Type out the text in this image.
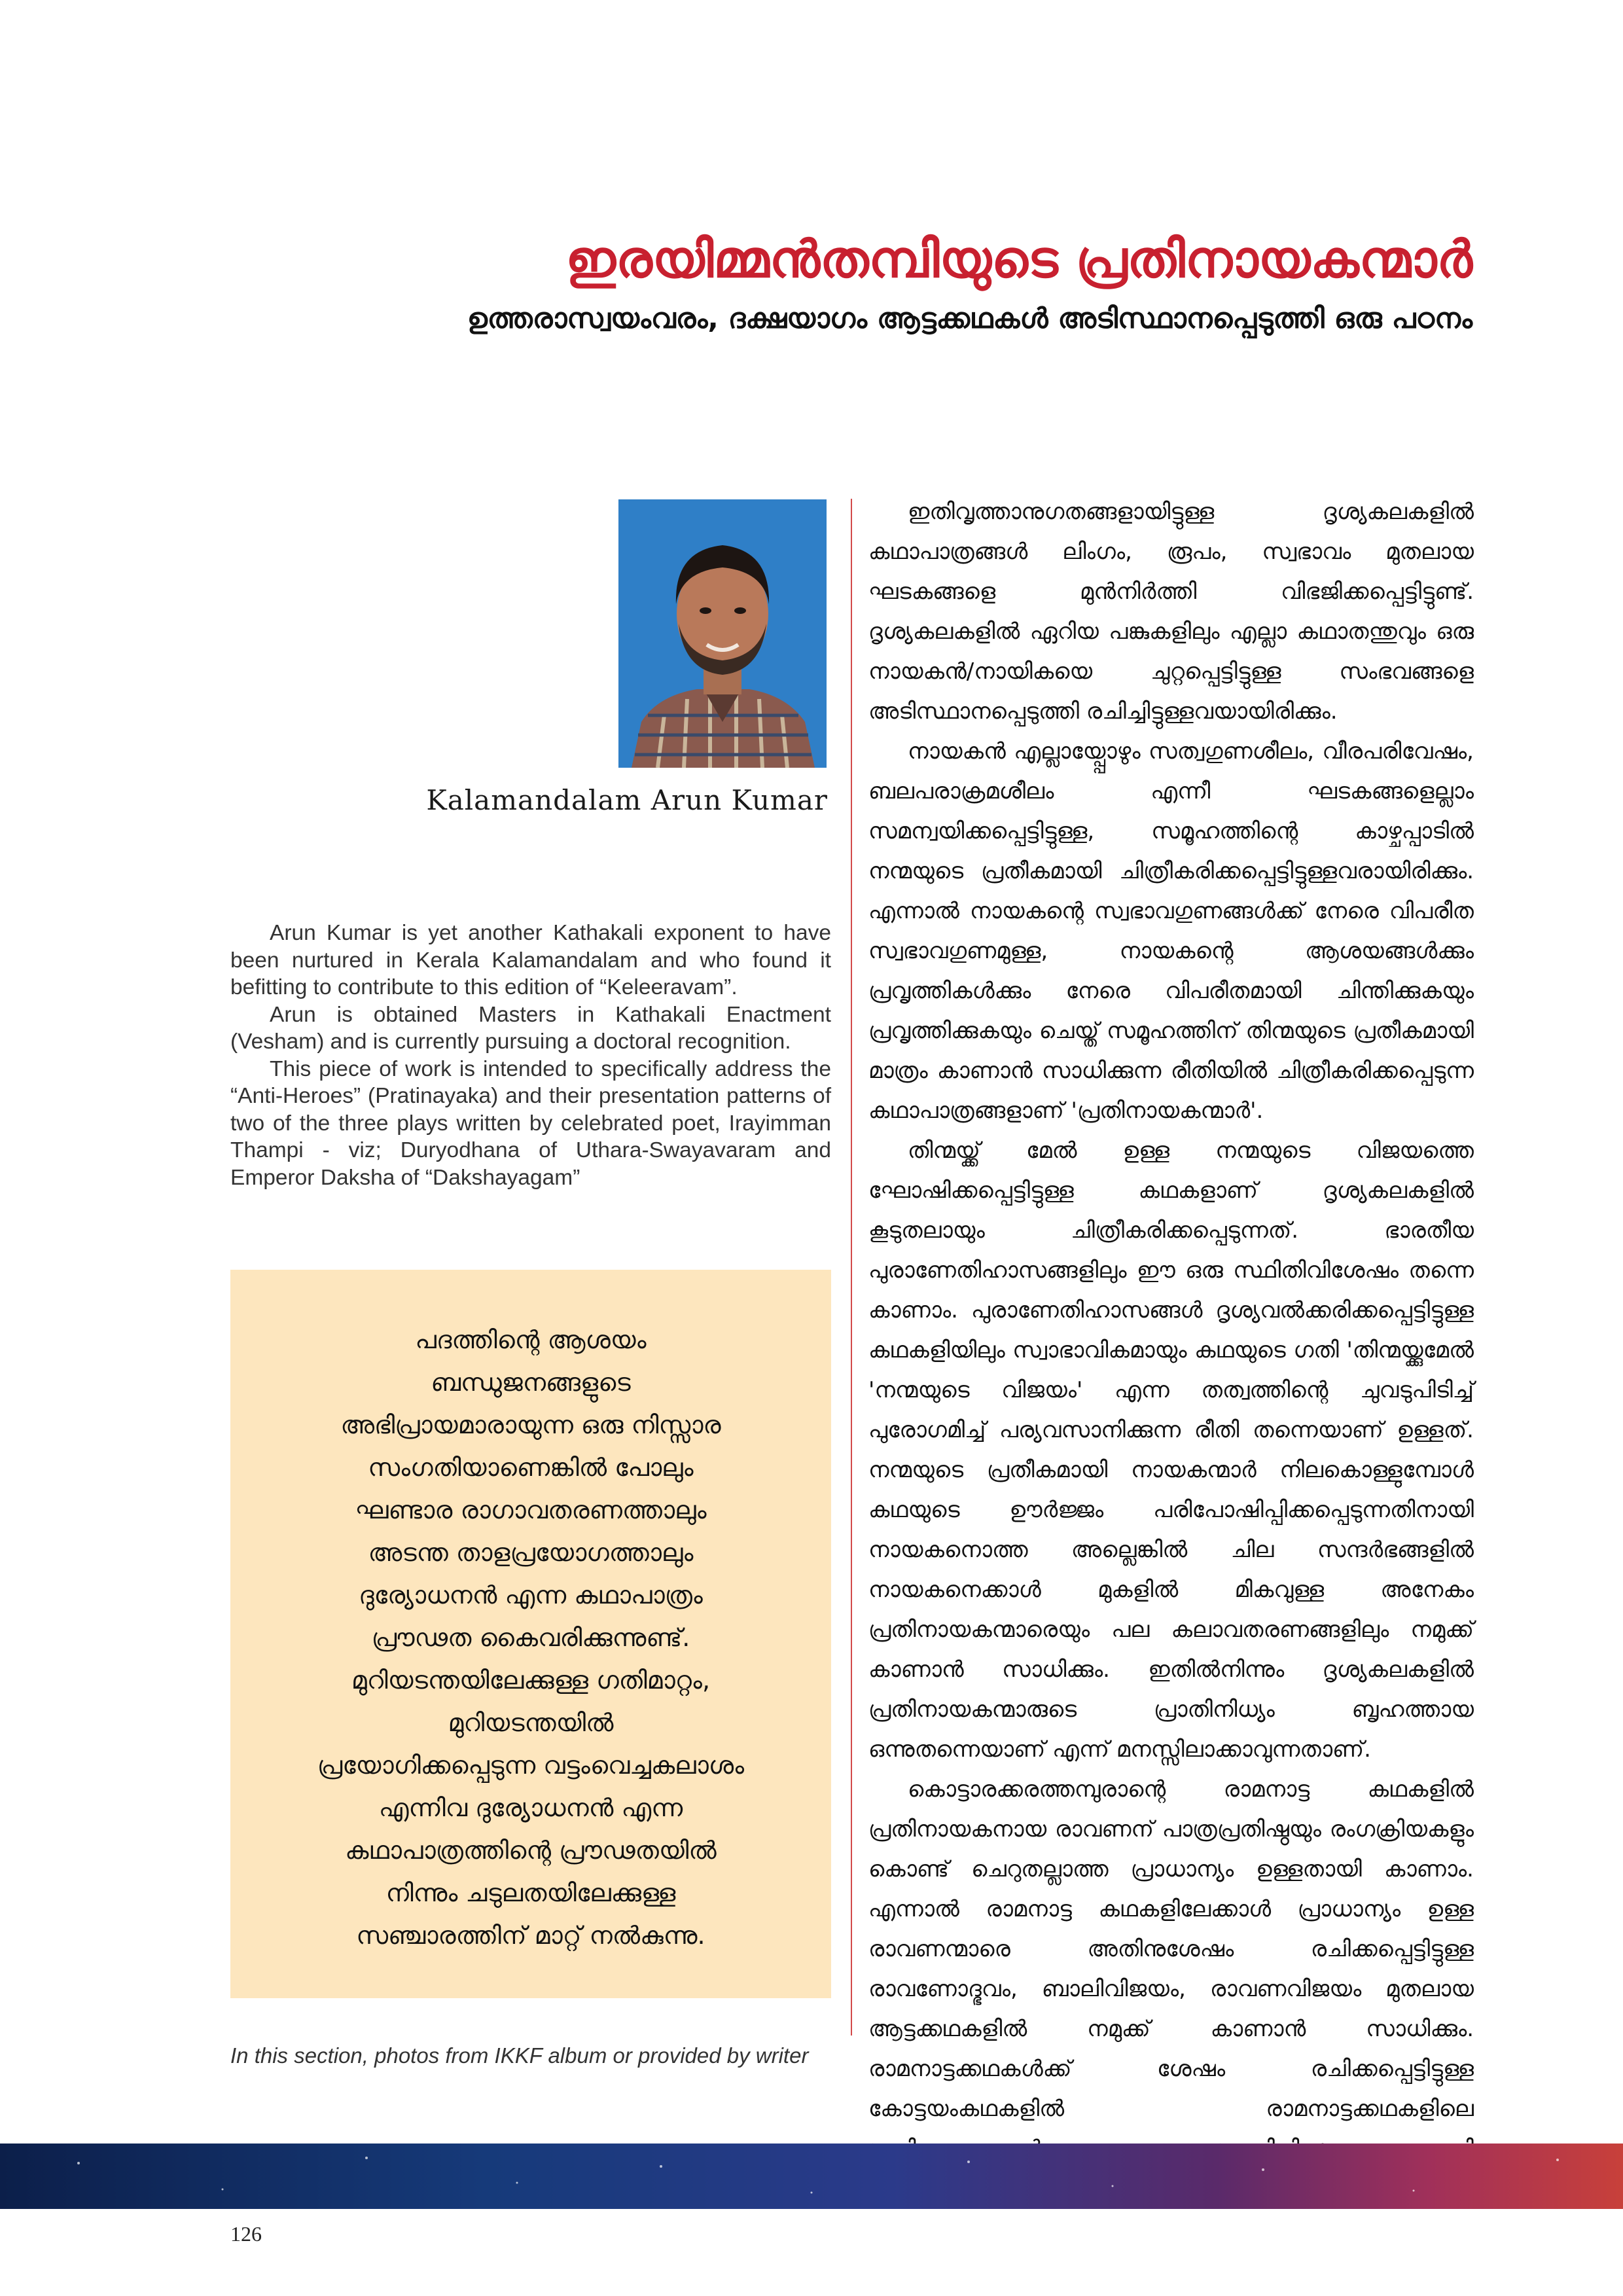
ഇരയിമ്മൻതമ്പിയുടെ പ്രതിനായകന്മാർ
ഉത്തരാസ്വയംവരം, ദക്ഷയാഗം ആട്ടക്കഥകൾ അടിസ്ഥാനപ്പെടുത്തി ഒരു പഠനം

Kalamandalam Arun Kumar

Arun Kumar is yet another Kathakali exponent to have been nurtured in Kerala Kalamandalam and who found it befitting to contribute to this edition of “Keleeravam”.

Arun is obtained Masters in Kathakali Enactment (Vesham) and is currently pursuing a doctoral recognition.

This piece of work is intended to specifically address the “Anti-Heroes” (Pratinayaka) and their presentation patterns of two of the three plays written by celebrated poet, Irayimman Thampi - viz; Duryodhana of Uthara-Swayavaram and Emperor Daksha of “Dakshayagam”

പദത്തിന്റെ ആശയം
ബന്ധുജനങ്ങളുടെ
അഭിപ്രായമാരായുന്ന ഒരു നിസ്സാര
സംഗതിയാണെങ്കിൽ പോലും
ഘണ്ടാര രാഗാവതരണത്താലും
അടന്ത താളപ്രയോഗത്താലും
ദുര്യോധനൻ എന്ന കഥാപാത്രം
പ്രൗഢത കൈവരിക്കുന്നുണ്ട്.
മുറിയടന്തയിലേക്കുള്ള ഗതിമാറ്റം,
മുറിയടന്തയിൽ
പ്രയോഗിക്കപ്പെടുന്ന വട്ടംവെച്ചകലാശം
എന്നിവ ദുര്യോധനൻ എന്ന
കഥാപാത്രത്തിന്റെ പ്രൗഢതയിൽ
നിന്നും ചടുലതയിലേക്കുള്ള
സഞ്ചാരത്തിന് മാറ്റ് നൽകുന്നു.
In this section, photos from IKKF album or provided by writer

ഇതിവൃത്താനുഗതങ്ങളായിട്ടുള്ള ദൃശ്യകലകളിൽ കഥാപാത്രങ്ങൾ ലിംഗം, രൂപം, സ്വഭാവം മുതലായ ഘടകങ്ങളെ മുൻനിർത്തി വിഭജിക്കപ്പെട്ടിട്ടുണ്ട്. ദൃശ്യകലകളിൽ ഏറിയ പങ്കുകളിലും എല്ലാ കഥാതന്തുവും ഒരു നായകൻ/നായികയെ ചുറ്റപ്പെട്ടിട്ടുള്ള സംഭവങ്ങളെ അടിസ്ഥാനപ്പെടുത്തി രചിച്ചിട്ടുള്ളവയായിരിക്കും.

നായകൻ എല്ലായ്പ്പോഴും സത്വഗുണശീലം, വീരപരിവേഷം, ബലപരാക്രമശീലം എന്നീ ഘടകങ്ങളെല്ലാം സമന്വയിക്കപ്പെട്ടിട്ടുള്ള, സമൂഹത്തിന്റെ കാഴ്ചപ്പാടിൽ നന്മയുടെ പ്രതീകമായി ചിത്രീകരിക്കപ്പെട്ടിട്ടുള്ളവരായിരിക്കും. എന്നാൽ നായകന്റെ സ്വഭാവഗുണങ്ങൾക്ക് നേരെ വിപരീത സ്വഭാവഗുണമുള്ള, നായകന്റെ ആശയങ്ങൾക്കും പ്രവൃത്തികൾക്കും നേരെ വിപരീതമായി ചിന്തിക്കുകയും പ്രവൃത്തിക്കുകയും ചെയ്ത് സമൂഹത്തിന് തിന്മയുടെ പ്രതീകമായി മാത്രം കാണാൻ സാധിക്കുന്ന രീതിയിൽ ചിത്രീകരിക്കപ്പെടുന്ന കഥാപാത്രങ്ങളാണ് 'പ്രതിനായകന്മാർ'.

തിന്മയ്ക്ക് മേൽ ഉള്ള നന്മയുടെ വിജയത്തെ ഘോഷിക്കപ്പെട്ടിട്ടുള്ള കഥകളാണ് ദൃശ്യകലകളിൽ കൂടുതലായും ചിത്രീകരിക്കപ്പെടുന്നത്. ഭാരതീയ പുരാണേതിഹാസങ്ങളിലും ഈ ഒരു സ്ഥിതിവിശേഷം തന്നെ കാണാം. പുരാണേതിഹാസങ്ങൾ ദൃശ്യവൽക്കരിക്കപ്പെട്ടിട്ടുള്ള കഥകളിയിലും സ്വാഭാവികമായും കഥയുടെ ഗതി 'തിന്മയ്ക്കുമേൽ 'നന്മയുടെ വിജയം' എന്ന തത്വത്തിന്റെ ചുവടുപിടിച്ച് പുരോഗമിച്ച് പര്യവസാനിക്കുന്ന രീതി തന്നെയാണ് ഉള്ളത്. നന്മയുടെ പ്രതീകമായി നായകന്മാർ നിലകൊള്ളുമ്പോൾ കഥയുടെ ഊർജ്ജം പരിപോഷിപ്പിക്കപ്പെടുന്നതിനായി നായകനൊത്ത അല്ലെങ്കിൽ ചില സന്ദർഭങ്ങളിൽ നായകനെക്കാൾ മുകളിൽ മികവുള്ള അനേകം പ്രതിനായകന്മാരെയും പല കലാവതരണങ്ങളിലും നമുക്ക് കാണാൻ സാധിക്കും. ഇതിൽനിന്നും ദൃശ്യകലകളിൽ പ്രതിനായകന്മാരുടെ പ്രാതിനിധ്യം ബൃഹത്തായ ഒന്നുതന്നെയാണ് എന്ന് മനസ്സിലാക്കാവുന്നതാണ്.

കൊട്ടാരക്കരത്തമ്പുരാന്റെ രാമനാട്ട കഥകളിൽ പ്രതിനായകനായ രാവണന് പാത്രപ്രതിഷ്ഠയും രംഗക്രിയകളും കൊണ്ട് ചെറുതല്ലാത്ത പ്രാധാന്യം ഉള്ളതായി കാണാം. എന്നാൽ രാമനാട്ട കഥകളിലേക്കാൾ പ്രാധാന്യം ഉള്ള രാവണന്മാരെ അതിനുശേഷം രചിക്കപ്പെട്ടിട്ടുള്ള രാവണോദ്ഭവം, ബാലിവിജയം, രാവണവിജയം മുതലായ ആട്ടക്കഥകളിൽ നമുക്ക് കാണാൻ സാധിക്കും. രാമനാട്ടക്കഥകൾക്ക് ശേഷം രചിക്കപ്പെട്ടിട്ടുള്ള കോട്ടയംകഥകളിൽ രാമനാട്ടക്കഥകളിലെ

126
